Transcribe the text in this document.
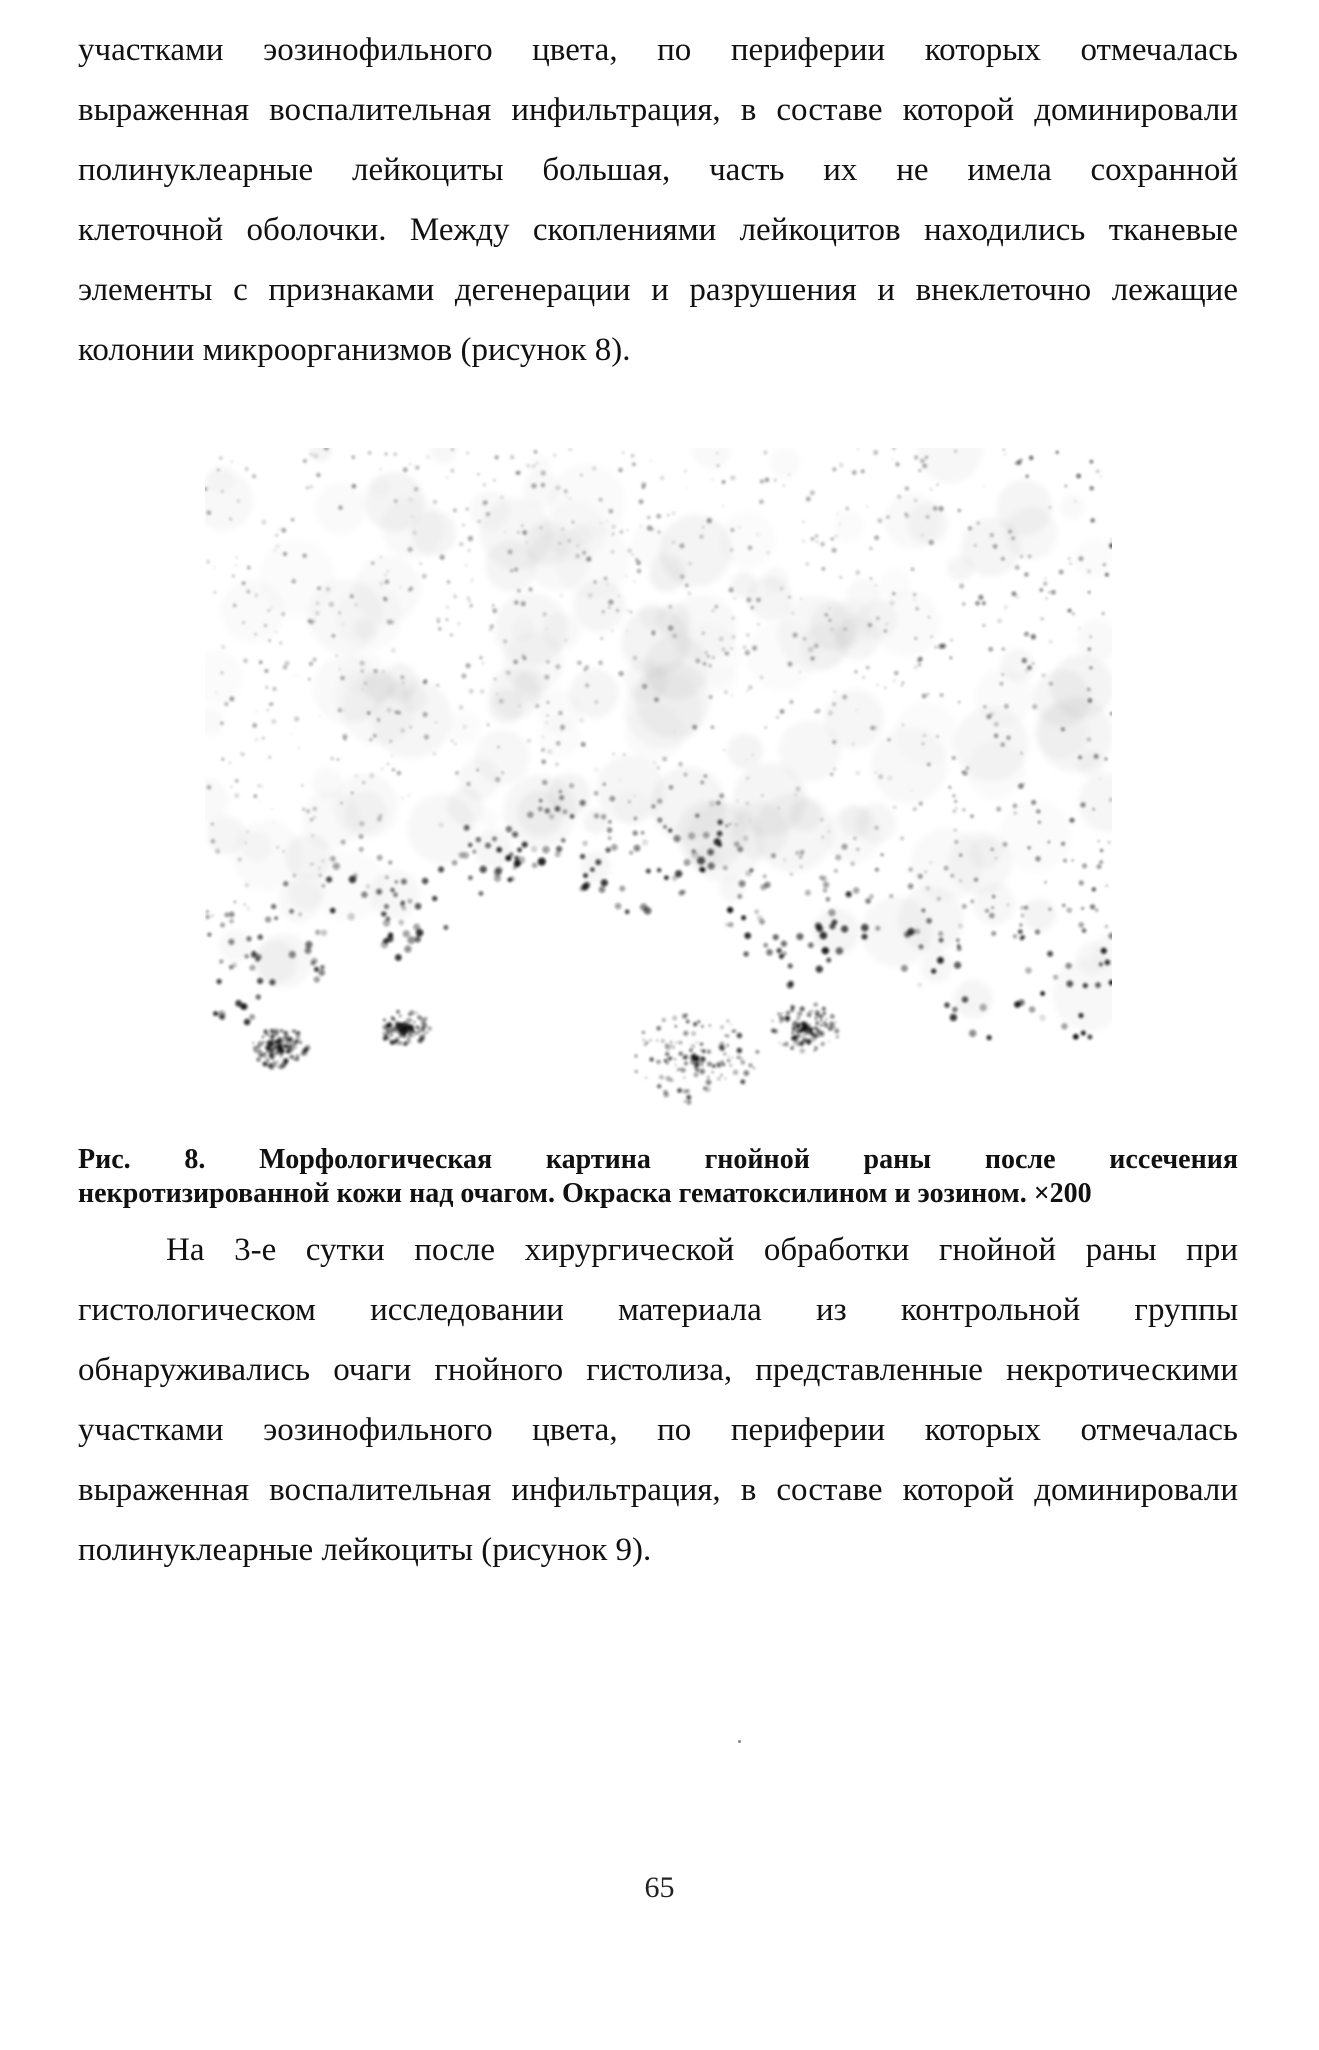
участками эозинофильного цвета, по периферии которых отмечалась
выраженная воспалительная инфильтрация, в составе которой доминировали
полинуклеарные лейкоциты большая, часть их не имела сохранной
клеточной оболочки. Между скоплениями лейкоцитов находились тканевые
элементы с признаками дегенерации и разрушения и внеклеточно лежащие
колонии микроорганизмов (рисунок 8).

Рис. 8. Морфологическая картина гнойной раны после иссечения
некротизированной кожи над очагом. Окраска гематоксилином и эозином. ×200

На 3-е сутки после хирургической обработки гнойной раны при
гистологическом исследовании материала из контрольной группы
обнаруживались очаги гнойного гистолиза, представленные некротическими
участками эозинофильного цвета, по периферии которых отмечалась
выраженная воспалительная инфильтрация, в составе которой доминировали
полинуклеарные лейкоциты (рисунок 9).

65
